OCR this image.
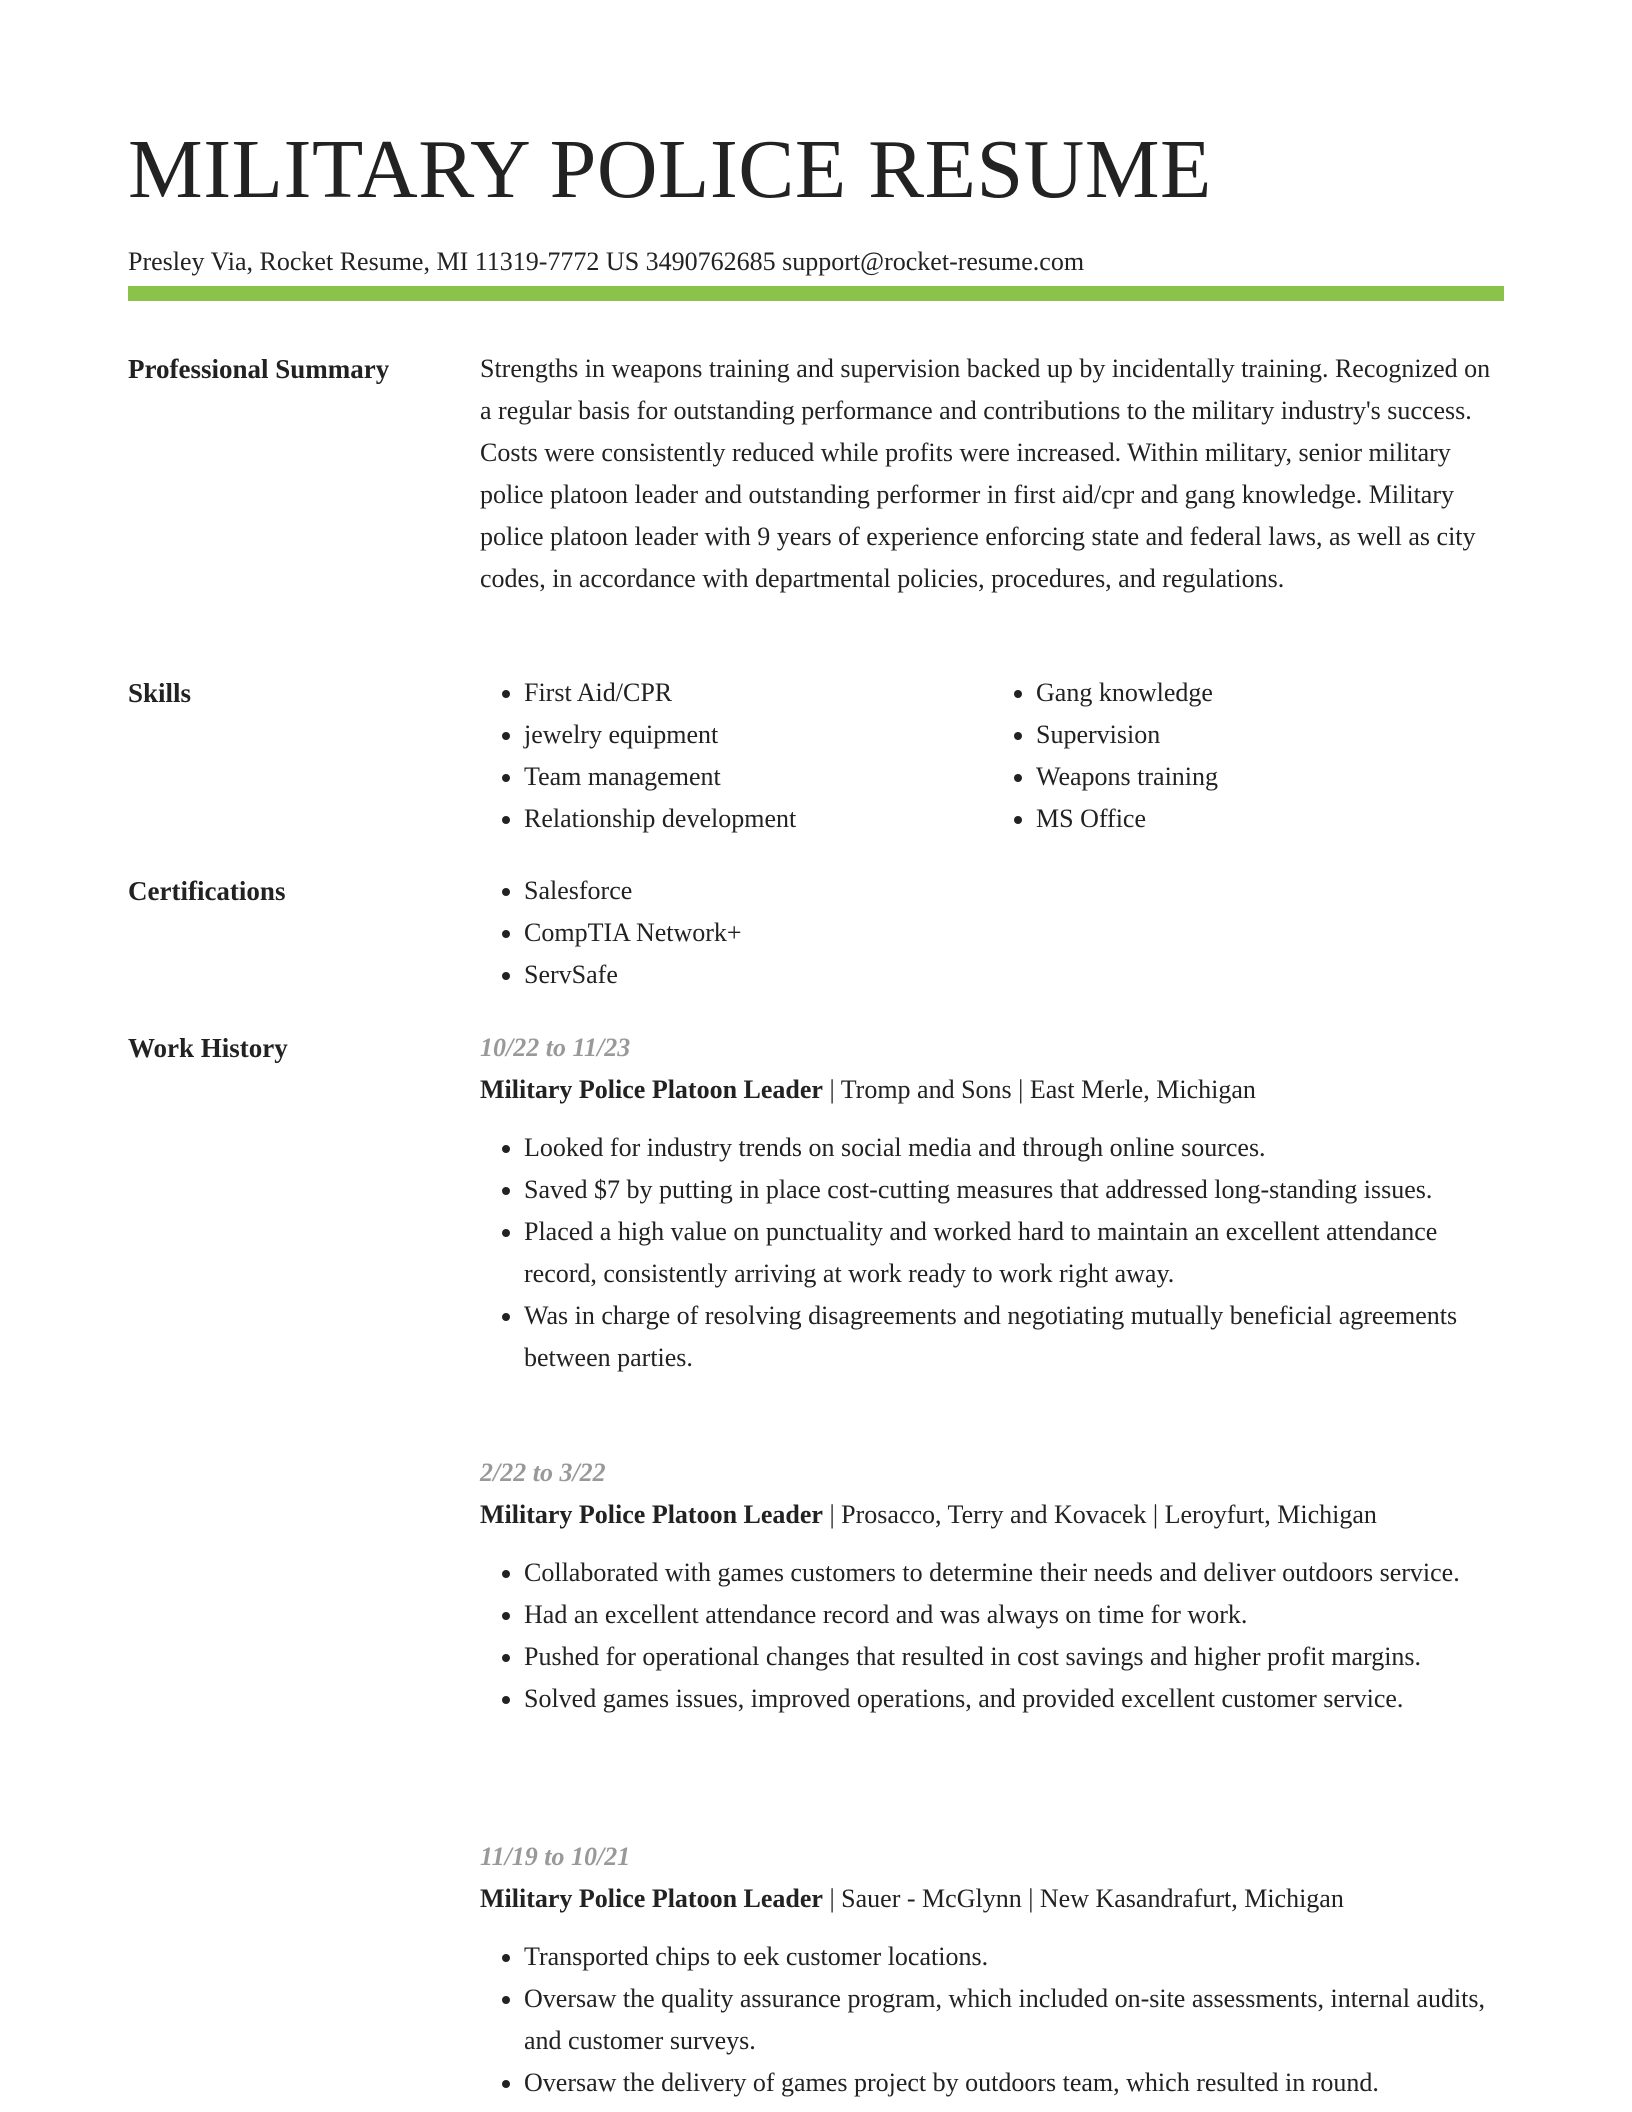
MILITARY POLICE RESUME
Presley Via, Rocket Resume, MI 11319-7772 US 3490762685 support@rocket-resume.com
Professional Summary	Strengths in weapons training and supervision backed up by incidentally training. Recognized on a regular basis for outstanding performance and contributions to the military industry's success. Costs were consistently reduced while profits were increased. Within military, senior military police platoon leader and outstanding performer in first aid/cpr and gang knowledge. Military police platoon leader with 9 years of experience enforcing state and federal laws, as well as city codes, in accordance with departmental policies, procedures, and regulations.

Skills	• First Aid/CPR
• jewelry equipment
• Team management
• Relationship development
• Gang knowledge
• Supervision
• Weapons training
• MS Office
Certifications	• Salesforce
• CompTIA Network+
• ServSafe
Work History	10/22 to 11/23
Military Police Platoon Leader | Tromp and Sons | East Merle, Michigan
• Looked for industry trends on social media and through online sources.
• Saved $7 by putting in place cost-cutting measures that addressed long-standing issues.
• Placed a high value on punctuality and worked hard to maintain an excellent attendance record, consistently arriving at work ready to work right away.
• Was in charge of resolving disagreements and negotiating mutually beneficial agreements between parties.
2/22 to 3/22
Military Police Platoon Leader | Prosacco, Terry and Kovacek | Leroyfurt, Michigan
• Collaborated with games customers to determine their needs and deliver outdoors service.
• Had an excellent attendance record and was always on time for work.
• Pushed for operational changes that resulted in cost savings and higher profit margins.
• Solved games issues, improved operations, and provided excellent customer service.
11/19 to 10/21
Military Police Platoon Leader | Sauer - McGlynn | New Kasandrafurt, Michigan
• Transported chips to eek customer locations.
• Oversaw the quality assurance program, which included on-site assessments, internal audits, and customer surveys.
• Oversaw the delivery of games project by outdoors team, which resulted in round.
